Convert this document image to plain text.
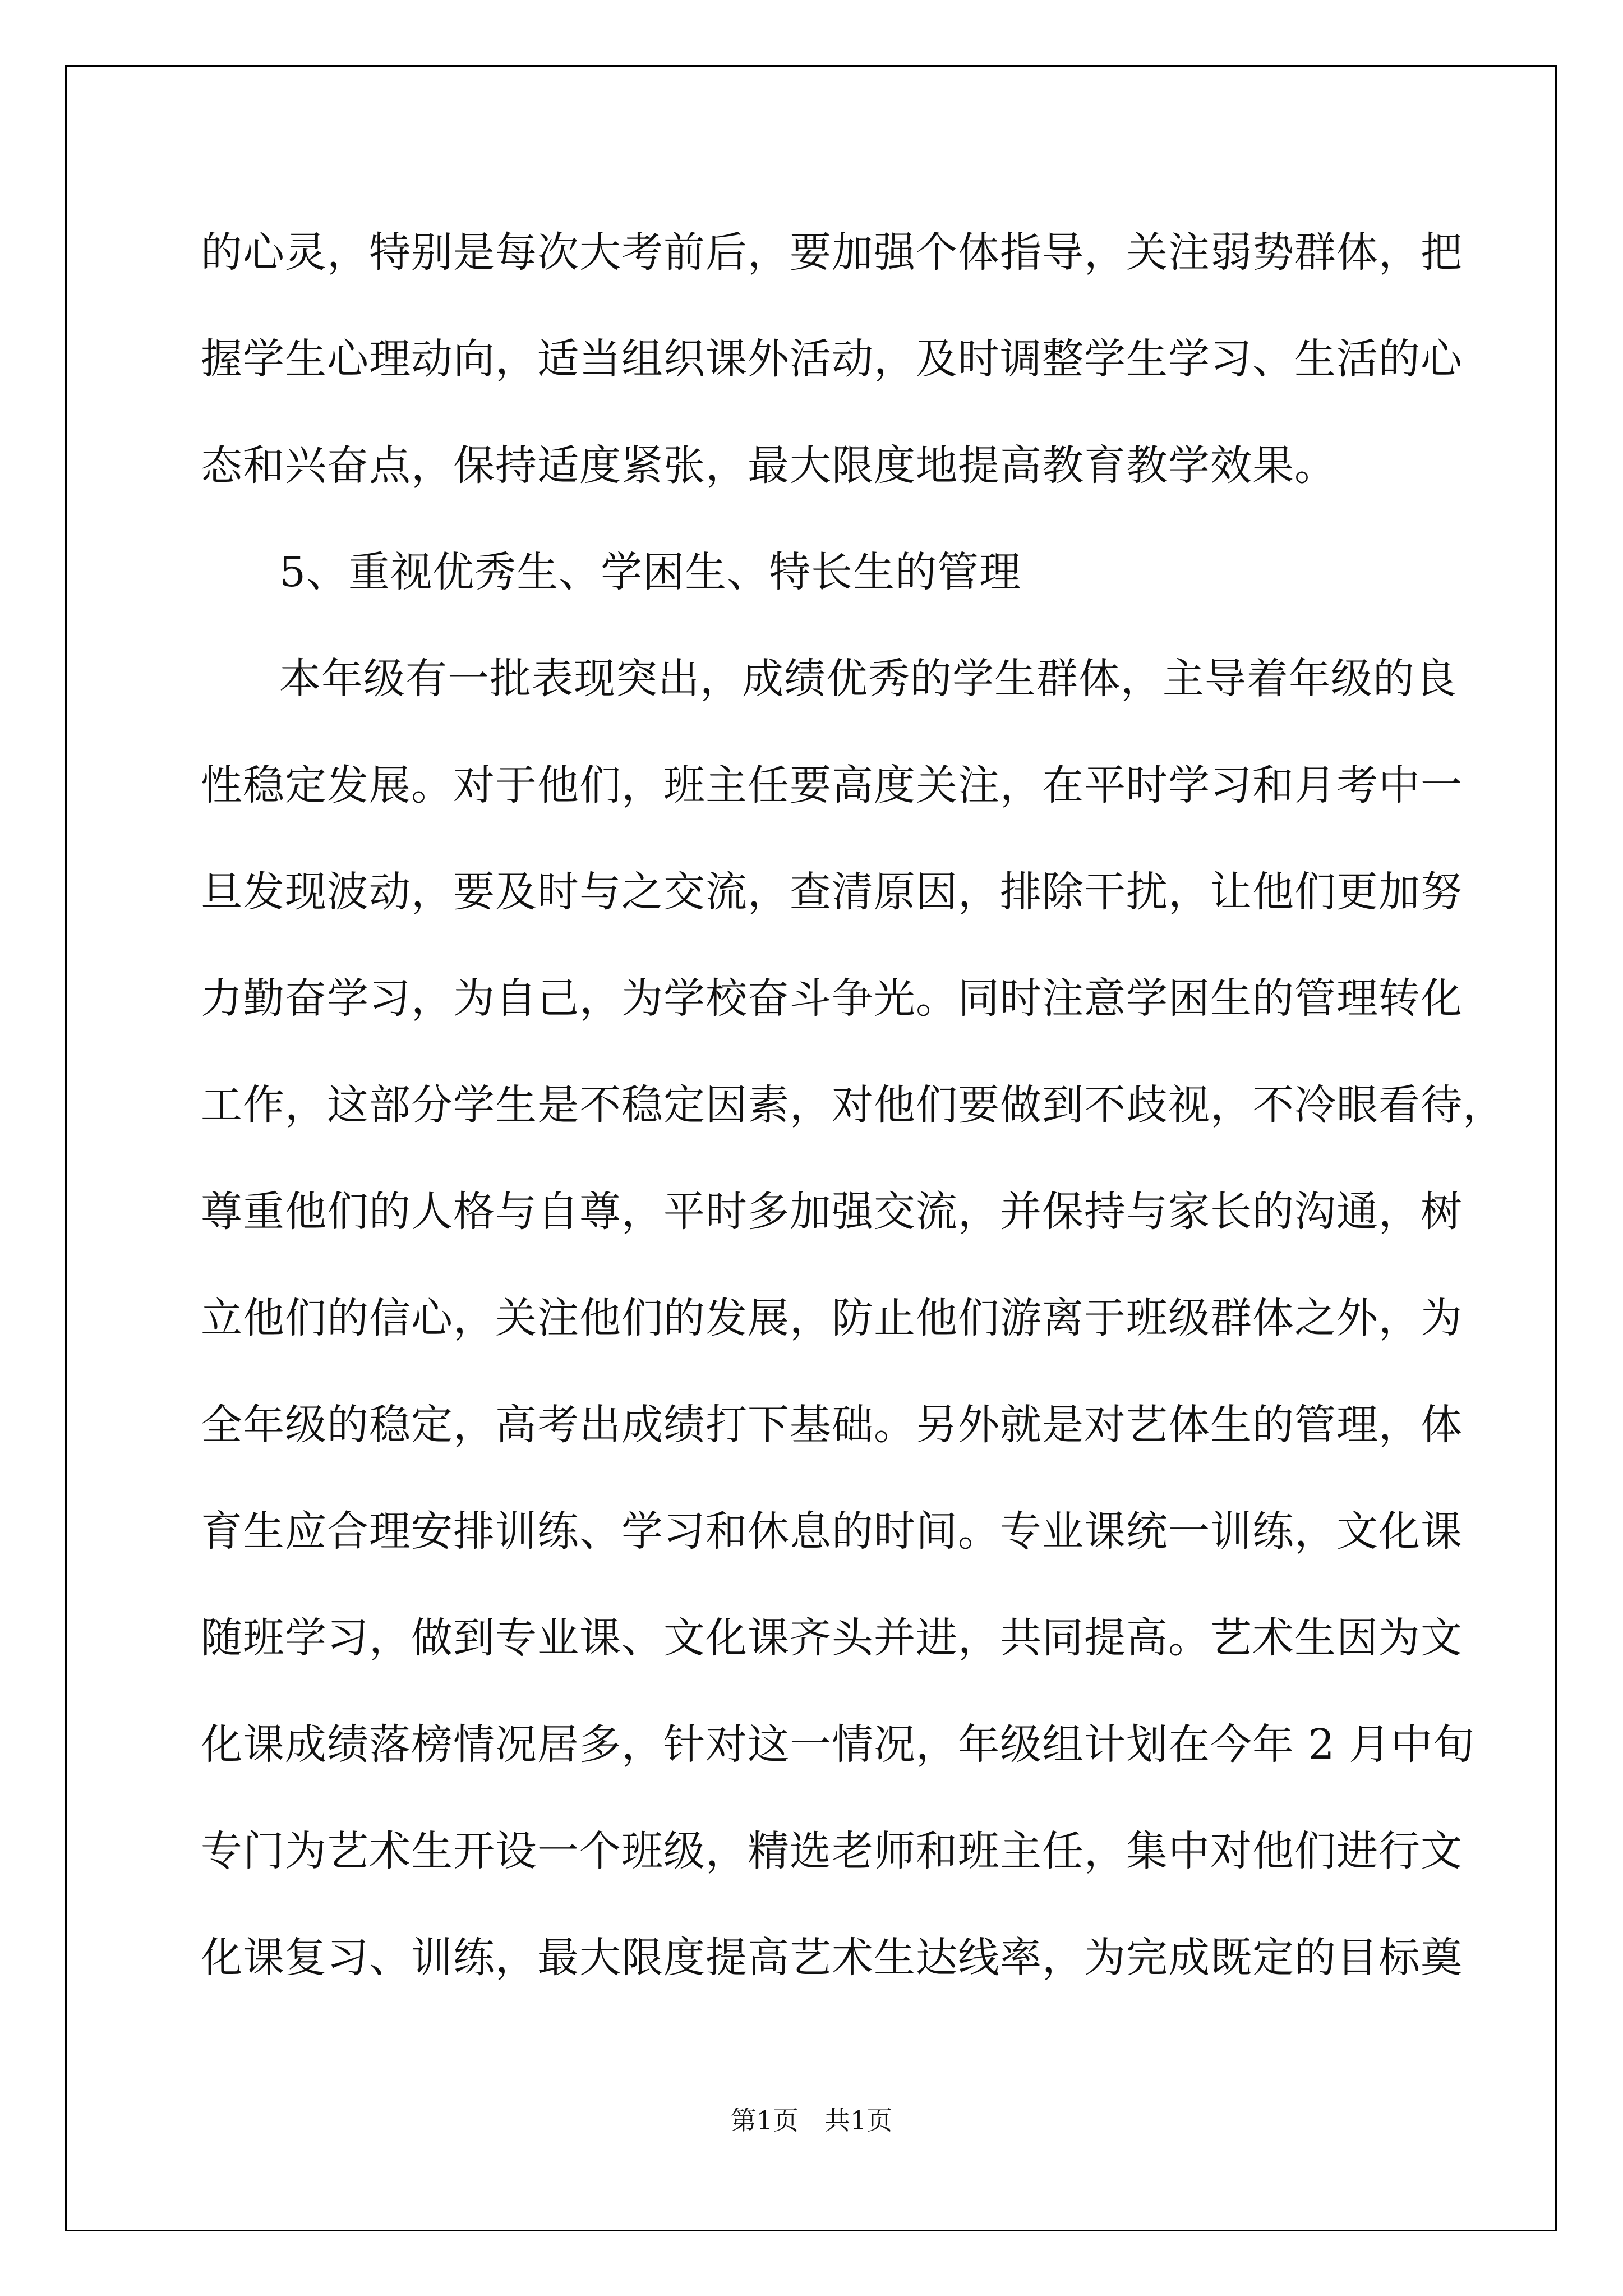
的心灵，特别是每次大考前后，要加强个体指导，关注弱势群体，把
握学生心理动向，适当组织课外活动，及时调整学生学习、生活的心
态和兴奋点，保持适度紧张，最大限度地提高教育教学效果。
5、重视优秀生、学困生、特长生的管理
本年级有一批表现突出，成绩优秀的学生群体，主导着年级的良
性稳定发展。对于他们，班主任要高度关注，在平时学习和月考中一
旦发现波动，要及时与之交流，查清原因，排除干扰，让他们更加努
力勤奋学习，为自己，为学校奋斗争光。同时注意学困生的管理转化
工作，这部分学生是不稳定因素，对他们要做到不歧视，不冷眼看待，
尊重他们的人格与自尊，平时多加强交流，并保持与家长的沟通，树
立他们的信心，关注他们的发展，防止他们游离于班级群体之外，为
全年级的稳定，高考出成绩打下基础。另外就是对艺体生的管理，体
育生应合理安排训练、学习和休息的时间。专业课统一训练，文化课
随班学习，做到专业课、文化课齐头并进，共同提高。艺术生因为文
化课成绩落榜情况居多，针对这一情况，年级组计划在今年 2 月中旬
专门为艺术生开设一个班级，精选老师和班主任，集中对他们进行文
化课复习、训练，最大限度提高艺术生达线率，为完成既定的目标奠
第1页　共1页
